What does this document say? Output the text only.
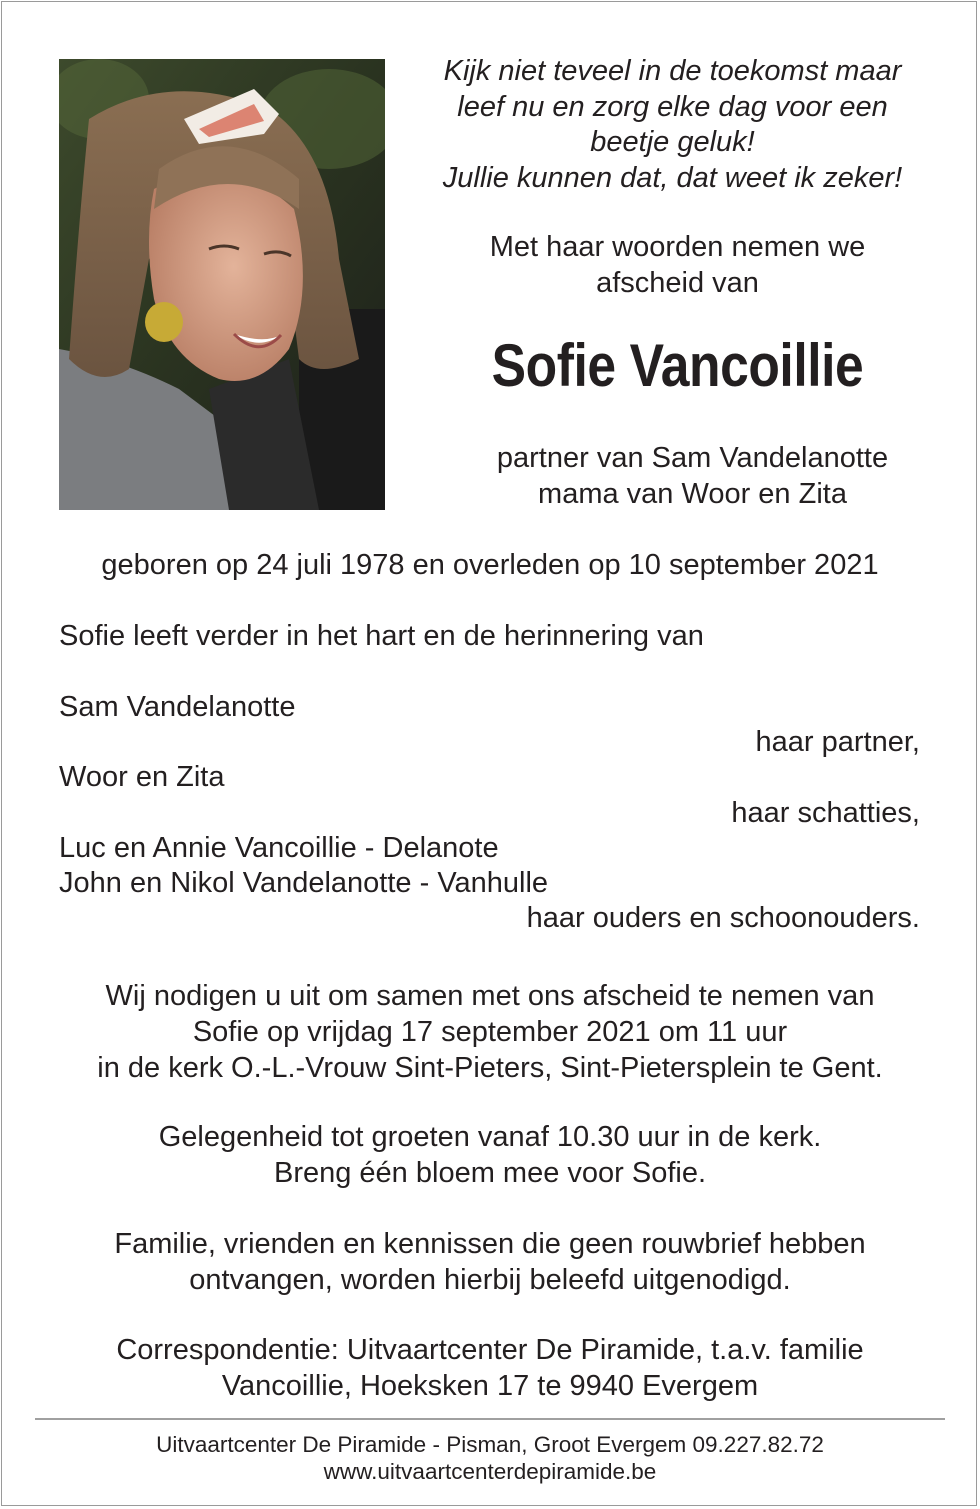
Kijk niet teveel in de toekomst maar
leef nu en zorg elke dag voor een
beetje geluk!
Jullie kunnen dat, dat weet ik zeker!
Met haar woorden nemen we
afscheid van
Sofie Vancoillie
partner van Sam Vandelanotte
mama van Woor en Zita
geboren op 24 juli 1978 en overleden op 10 september 2021
Sofie leeft verder in het hart en de herinnering van
Sam Vandelanotte
haar partner,
Woor en Zita
haar schatties,
Luc en Annie Vancoillie - Delanote
John en Nikol Vandelanotte - Vanhulle
haar ouders en schoonouders.
Wij nodigen u uit om samen met ons afscheid te nemen van
Sofie op vrijdag 17 september 2021 om 11 uur
in de kerk O.-L.-Vrouw Sint-Pieters, Sint-Pietersplein te Gent.
Gelegenheid tot groeten vanaf 10.30 uur in de kerk.
Breng één bloem mee voor Sofie.
Familie, vrienden en kennissen die geen rouwbrief hebben
ontvangen, worden hierbij beleefd uitgenodigd.
Correspondentie: Uitvaartcenter De Piramide, t.a.v. familie
Vancoillie, Hoeksken 17 te 9940 Evergem
Uitvaartcenter De Piramide - Pisman, Groot Evergem 09.227.82.72
www.uitvaartcenterdepiramide.be
